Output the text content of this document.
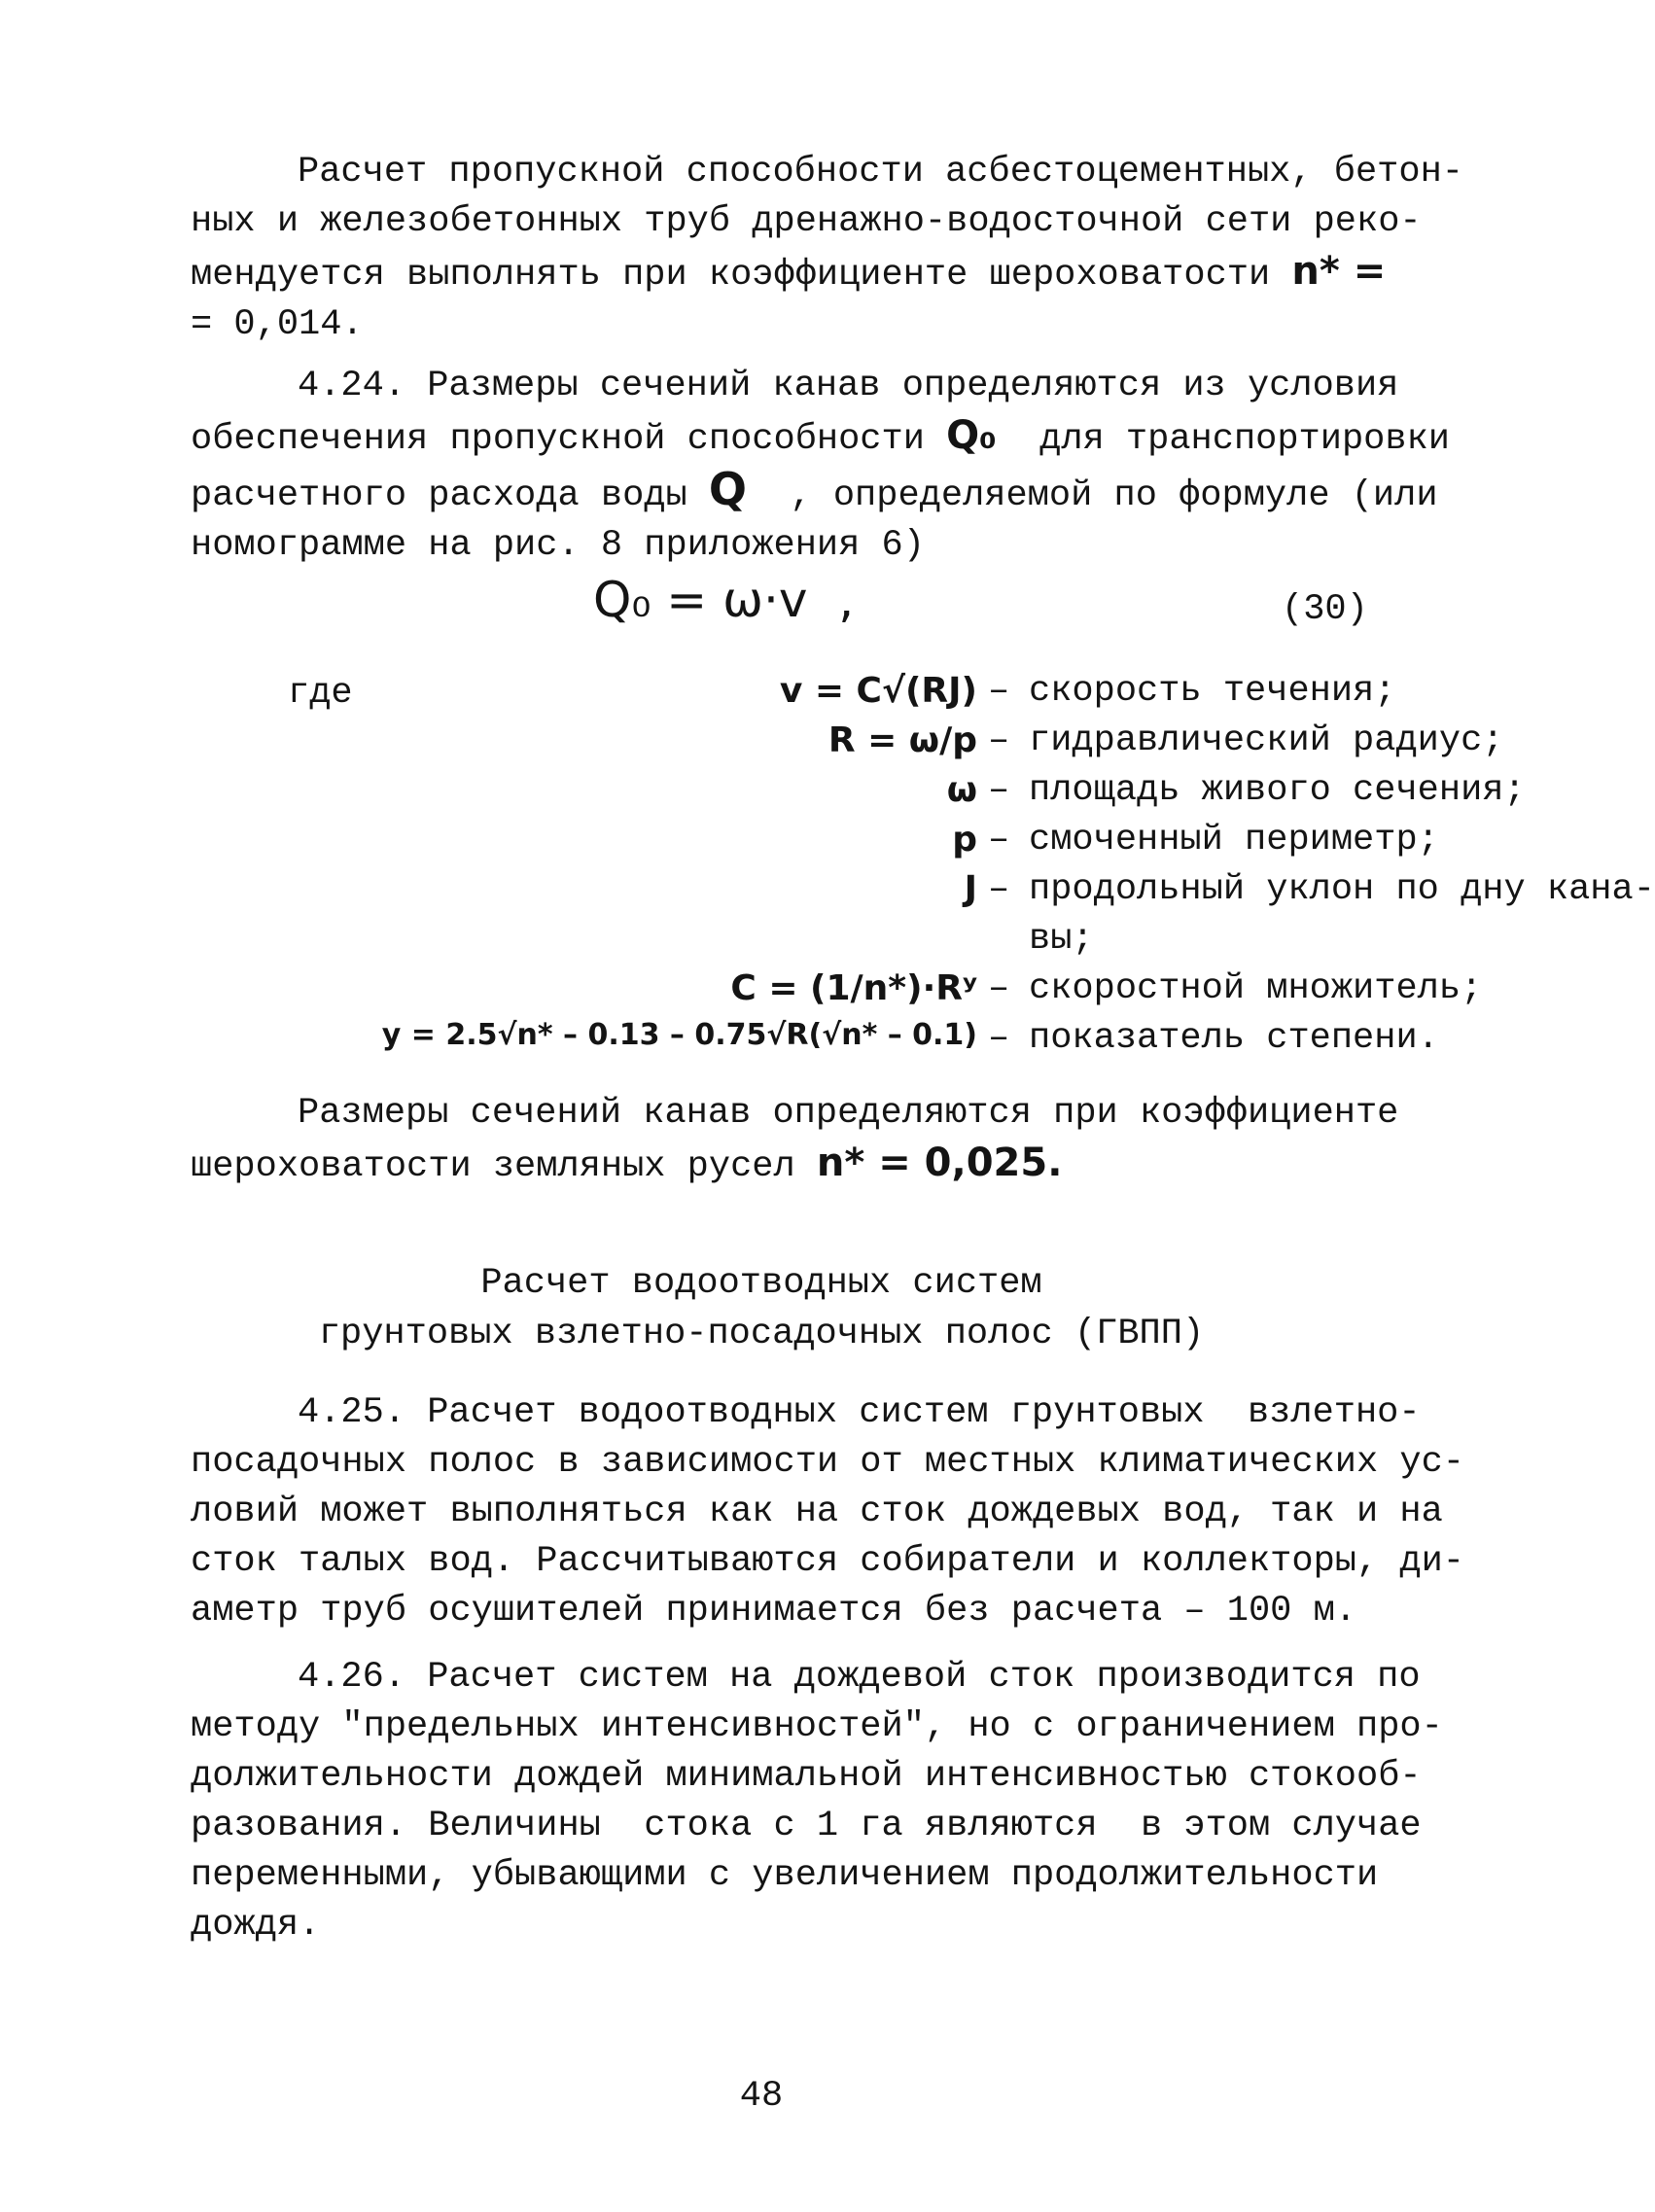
Расчет пропускной способности асбестоцементных, бетон-
ных и железобетонных труб дренажно-водосточной сети реко-
мендуется выполнять при коэффициенте шероховатости n* =
= 0,014.
4.24. Размеры сечений канав определяются из условия
обеспечения пропускной способности Q₀ для транспортировки
расчетного расхода воды Q , определяемой по формуле (или
номограмме на рис. 8 приложения 6)
Q₀ = ω·v  ,	(30)
где	v = C√(RJ) – скорость течения;
R = ω/p – гидравлический радиус;
ω – площадь живого сечения;
p – смоченный периметр;
J – продольный уклон по дну кана-
вы;
C = (1/n*)·Rʸ – скоростной множитель;
y = 2.5√n* – 0.13 – 0.75√R(√n* – 0.1) – показатель степени.
Размеры сечений канав определяются при коэффициенте
шероховатости земляных русел n* = 0,025.
Расчет водоотводных систем
грунтовых взлетно-посадочных полос (ГВПП)
4.25. Расчет водоотводных систем грунтовых  взлетно-
посадочных полос в зависимости от местных климатических ус-
ловий может выполняться как на сток дождевых вод, так и на
сток талых вод. Рассчитываются собиратели и коллекторы, ди-
аметр труб осушителей принимается без расчета – 100 м.
4.26. Расчет систем на дождевой сток производится по
методу "предельных интенсивностей", но с ограничением про-
должительности дождей минимальной интенсивностью стокооб-
разования. Величины  стока с 1 га являются  в этом случае
переменными, убывающими с увеличением продолжительности
дождя.
48
